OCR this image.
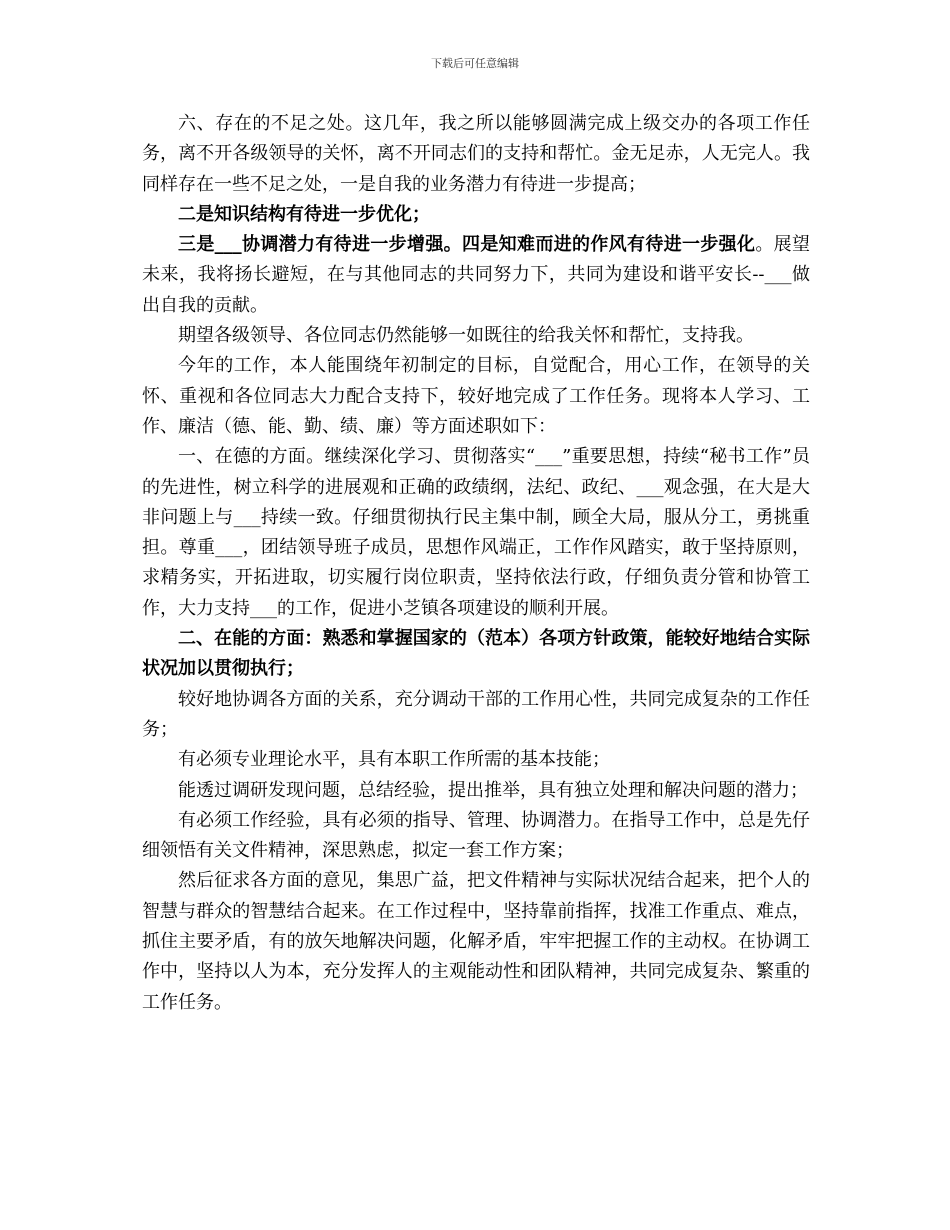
下载后可任意编辑

六、存在的不足之处。这几年，我之所以能够圆满完成上级交办的各项工作任务，离不开各级领导的关怀，离不开同志们的支持和帮忙。金无足赤，人无完人。我同样存在一些不足之处，一是自我的业务潜力有待进一步提高；

二是知识结构有待进一步优化；

三是___协调潜力有待进一步增强。四是知难而进的作风有待进一步强化。展望未来，我将扬长避短，在与其他同志的共同努力下，共同为建设和谐平安长--___做出自我的贡献。

期望各级领导、各位同志仍然能够一如既往的给我关怀和帮忙，支持我。

今年的工作，本人能围绕年初制定的目标，自觉配合，用心工作，在领导的关怀、重视和各位同志大力配合支持下，较好地完成了工作任务。现将本人学习、工作、廉洁（德、能、勤、绩、廉）等方面述职如下：

一、在德的方面。继续深化学习、贯彻落实“___”重要思想，持续“秘书工作”员的先进性，树立科学的进展观和正确的政绩纲，法纪、政纪、___观念强，在大是大非问题上与___持续一致。仔细贯彻执行民主集中制，顾全大局，服从分工，勇挑重担。尊重___，团结领导班子成员，思想作风端正，工作作风踏实，敢于坚持原则，求精务实，开拓进取，切实履行岗位职责，坚持依法行政，仔细负责分管和协管工作，大力支持___的工作，促进小芝镇各项建设的顺利开展。

二、在能的方面：熟悉和掌握国家的（范本）各项方针政策，能较好地结合实际状况加以贯彻执行；

较好地协调各方面的关系，充分调动干部的工作用心性，共同完成复杂的工作任务；

有必须专业理论水平，具有本职工作所需的基本技能；

能透过调研发现问题，总结经验，提出推举，具有独立处理和解决问题的潜力；

有必须工作经验，具有必须的指导、管理、协调潜力。在指导工作中，总是先仔细领悟有关文件精神，深思熟虑，拟定一套工作方案；

然后征求各方面的意见，集思广益，把文件精神与实际状况结合起来，把个人的智慧与群众的智慧结合起来。在工作过程中，坚持靠前指挥，找准工作重点、难点，抓住主要矛盾，有的放矢地解决问题，化解矛盾，牢牢把握工作的主动权。在协调工作中，坚持以人为本，充分发挥人的主观能动性和团队精神，共同完成复杂、繁重的工作任务。
